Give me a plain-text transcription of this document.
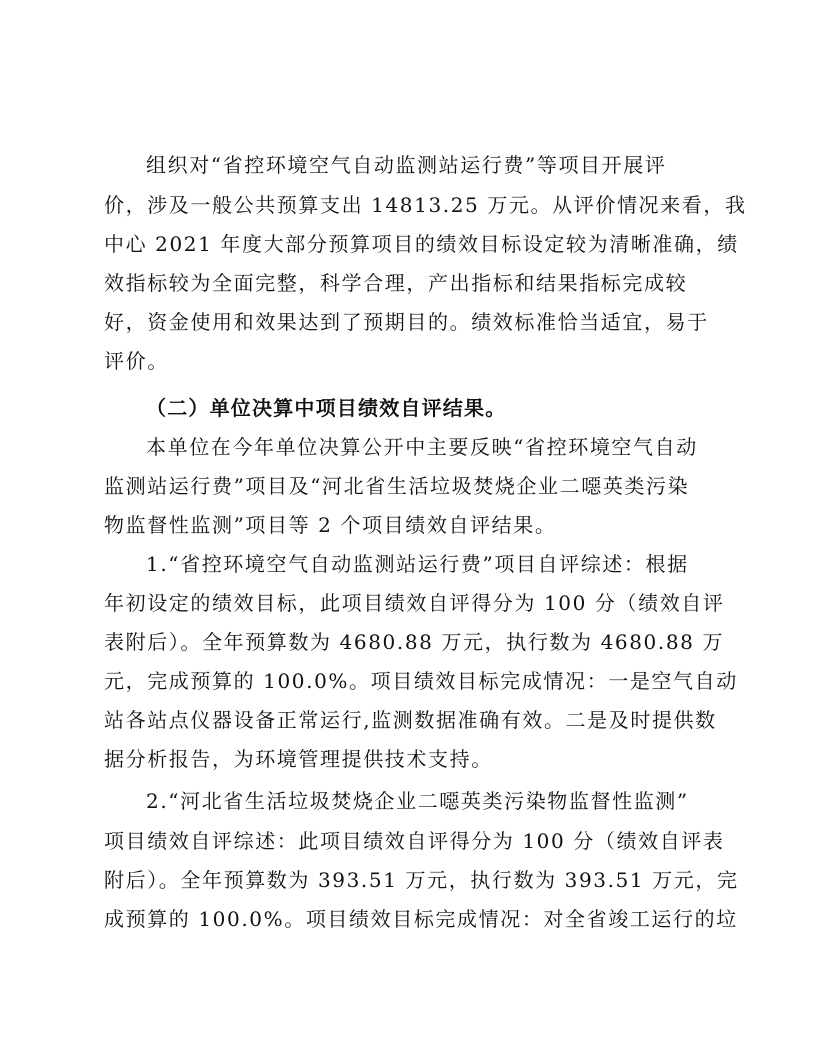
组织对“省控环境空气自动监测站运行费”等项目开展评
价，涉及一般公共预算支出 14813.25 万元。从评价情况来看，我
中心 2021 年度大部分预算项目的绩效目标设定较为清晰准确，绩
效指标较为全面完整，科学合理，产出指标和结果指标完成较
好，资金使用和效果达到了预期目的。绩效标准恰当适宜，易于
评价。
（二）单位决算中项目绩效自评结果。
本单位在今年单位决算公开中主要反映“省控环境空气自动
监测站运行费”项目及“河北省生活垃圾焚烧企业二噁英类污染
物监督性监测”项目等 2 个项目绩效自评结果。
1.“省控环境空气自动监测站运行费”项目自评综述：根据
年初设定的绩效目标，此项目绩效自评得分为 100 分（绩效自评
表附后）。全年预算数为 4680.88 万元，执行数为 4680.88 万
元，完成预算的 100.0%。项目绩效目标完成情况：一是空气自动
站各站点仪器设备正常运行,监测数据准确有效。二是及时提供数
据分析报告，为环境管理提供技术支持。
2.“河北省生活垃圾焚烧企业二噁英类污染物监督性监测”
项目绩效自评综述：此项目绩效自评得分为 100 分（绩效自评表
附后）。全年预算数为 393.51 万元，执行数为 393.51 万元，完
成预算的 100.0%。项目绩效目标完成情况：对全省竣工运行的垃
